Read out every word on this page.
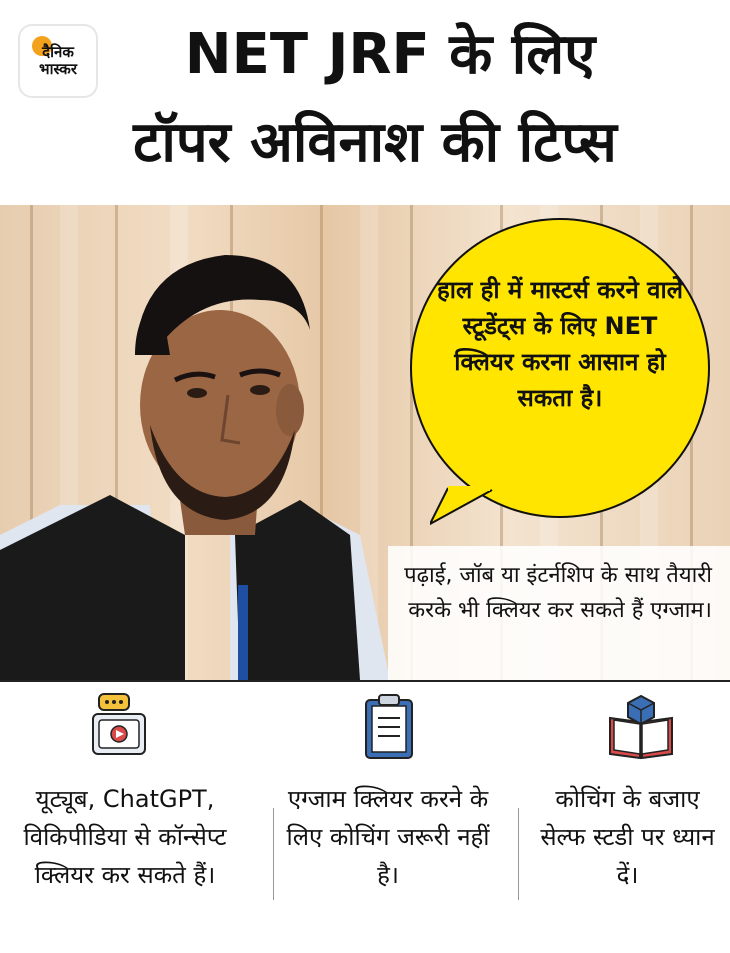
दैनिक
भास्कर	NET JRF के लिए
टॉपर अविनाश की टिप्स
हाल ही में मास्टर्स करने वाले स्टूडेंट्स के लिए NET क्लियर करना आसान हो सकता है।
पढ़ाई, जॉब या इंटर्नशिप के साथ तैयारी करके भी क्लियर कर सकते हैं एग्जाम।
यूट्यूब, ChatGPT, विकिपीडिया से कॉन्सेप्ट क्लियर कर सकते हैं।
एग्जाम क्लियर करने के लिए कोचिंग जरूरी नहीं है।
कोचिंग के बजाए सेल्फ स्टडी पर ध्यान दें।
